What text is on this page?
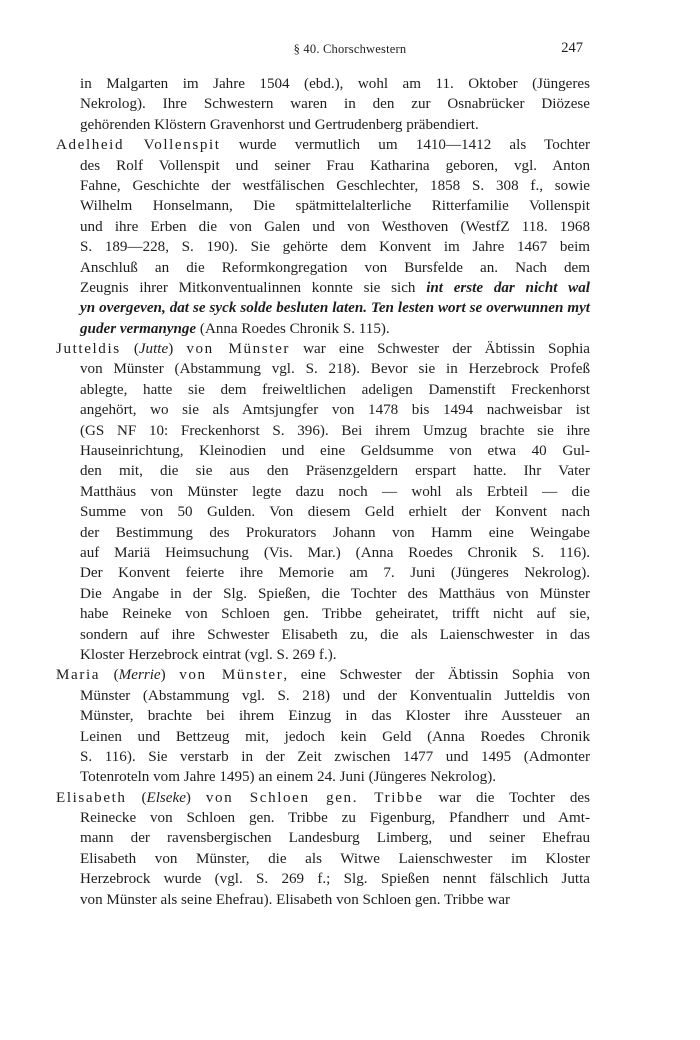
§ 40. Chorschwestern	247
in Malgarten im Jahre 1504 (ebd.), wohl am 11. Oktober (Jüngeres
Nekrolog). Ihre Schwestern waren in den zur Osnabrücker Diözese
gehörenden Klöstern Gravenhorst und Gertrudenberg präbendiert.
Adelheid Vollenspit wurde vermutlich um 1410—1412 als Tochter
des Rolf Vollenspit und seiner Frau Katharina geboren, vgl. Anton
Fahne, Geschichte der westfälischen Geschlechter, 1858 S. 308 f., sowie
Wilhelm Honselmann, Die spätmittelalterliche Ritterfamilie Vollenspit
und ihre Erben die von Galen und von Westhoven (WestfZ 118. 1968
S. 189—228, S. 190). Sie gehörte dem Konvent im Jahre 1467 beim
Anschluß an die Reformkongregation von Bursfelde an. Nach dem
Zeugnis ihrer Mitkonventualinnen konnte sie sich int erste dar nicht wal
yn overgeven, dat se syck solde besluten laten. Ten lesten wort se overwunnen myt
guder vermanynge (Anna Roedes Chronik S. 115).
Jutteldis (Jutte) von Münster war eine Schwester der Äbtissin Sophia
von Münster (Abstammung vgl. S. 218). Bevor sie in Herzebrock Profeß
ablegte, hatte sie dem freiweltlichen adeligen Damenstift Freckenhorst
angehört, wo sie als Amtsjungfer von 1478 bis 1494 nachweisbar ist
(GS NF 10: Freckenhorst S. 396). Bei ihrem Umzug brachte sie ihre
Hauseinrichtung, Kleinodien und eine Geldsumme von etwa 40 Gul-
den mit, die sie aus den Präsenzgeldern erspart hatte. Ihr Vater
Matthäus von Münster legte dazu noch — wohl als Erbteil — die
Summe von 50 Gulden. Von diesem Geld erhielt der Konvent nach
der Bestimmung des Prokurators Johann von Hamm eine Weingabe
auf Mariä Heimsuchung (Vis. Mar.) (Anna Roedes Chronik S. 116).
Der Konvent feierte ihre Memorie am 7. Juni (Jüngeres Nekrolog).
Die Angabe in der Slg. Spießen, die Tochter des Matthäus von Münster
habe Reineke von Schloen gen. Tribbe geheiratet, trifft nicht auf sie,
sondern auf ihre Schwester Elisabeth zu, die als Laienschwester in das
Kloster Herzebrock eintrat (vgl. S. 269 f.).
Maria (Merrie) von Münster, eine Schwester der Äbtissin Sophia von
Münster (Abstammung vgl. S. 218) und der Konventualin Jutteldis von
Münster, brachte bei ihrem Einzug in das Kloster ihre Aussteuer an
Leinen und Bettzeug mit, jedoch kein Geld (Anna Roedes Chronik
S. 116). Sie verstarb in der Zeit zwischen 1477 und 1495 (Admonter
Totenroteln vom Jahre 1495) an einem 24. Juni (Jüngeres Nekrolog).
Elisabeth (Elseke) von Schloen gen. Tribbe war die Tochter des
Reinecke von Schloen gen. Tribbe zu Figenburg, Pfandherr und Amt-
mann der ravensbergischen Landesburg Limberg, und seiner Ehefrau
Elisabeth von Münster, die als Witwe Laienschwester im Kloster
Herzebrock wurde (vgl. S. 269 f.; Slg. Spießen nennt fälschlich Jutta
von Münster als seine Ehefrau). Elisabeth von Schloen gen. Tribbe war
